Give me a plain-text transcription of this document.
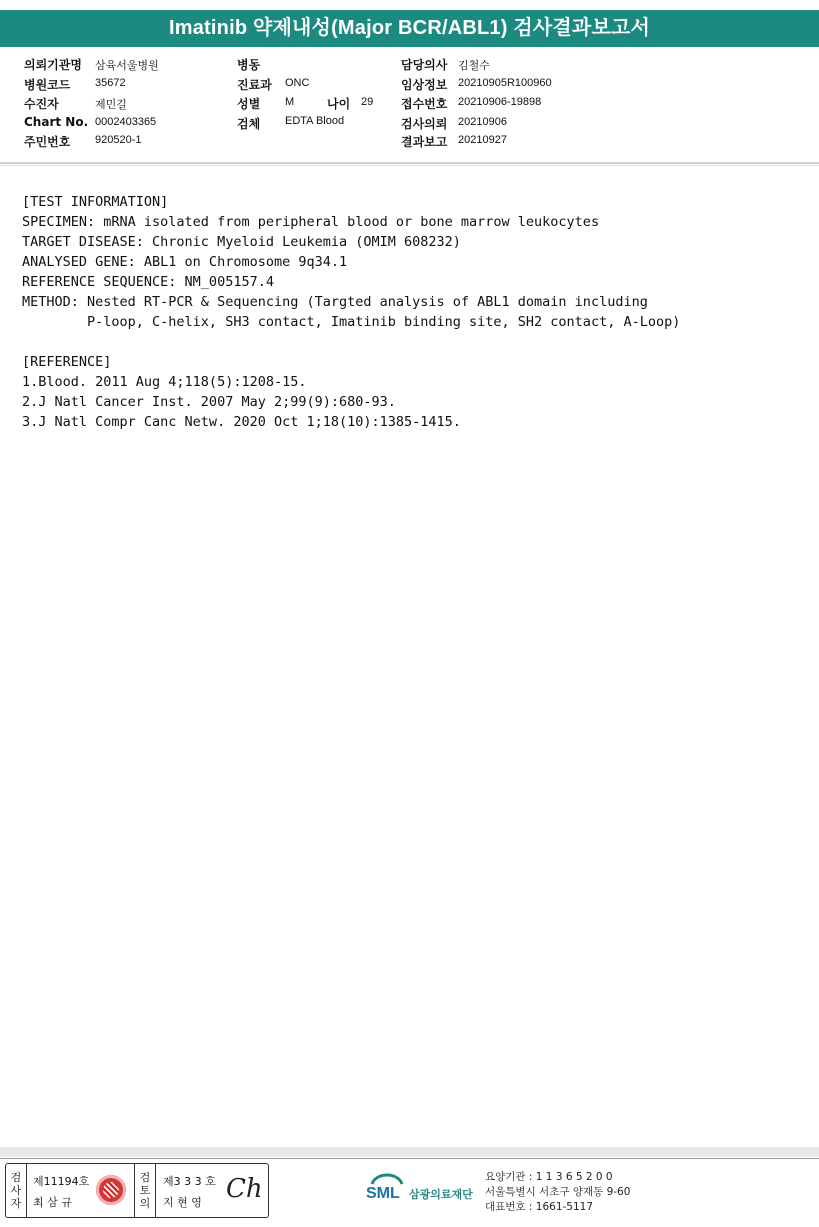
Imatinib 약제내성(Major BCR/ABL1) 검사결과보고서
의뢰기관명 삼육서울병원
병원코드 35672
수진자	제민길
Chart No. 0002403365
주민번호 920520-1
병동
진료과 ONC
성별 M	나이 29
검체 EDTA Blood
담당의사 김철수
임상정보 20210905R100960
접수번호 20210906-19898
검사의뢰 20210906
결과보고 20210927
[TEST INFORMATION]
SPECIMEN: mRNA isolated from peripheral blood or bone marrow leukocytes
TARGET DISEASE: Chronic Myeloid Leukemia (OMIM 608232)
ANALYSED GENE: ABL1 on Chromosome 9q34.1
REFERENCE SEQUENCE: NM_005157.4
METHOD: Nested RT-PCR & Sequencing (Targted analysis of ABL1 domain including
P-loop, C-helix, SH3 contact, Imatinib binding site, SH2 contact, A-Loop)
[REFERENCE]
1.Blood. 2011 Aug 4;118(5):1208-15.
2.J Natl Cancer Inst. 2007 May 2;99(9):680-93.
3.J Natl Compr Canc Netw. 2020 Oct 1;18(10):1385-1415.
검
사
자
제11194호
최 삼 규
검
토
의
제3 3 3 호
지 현 영 Ch	SML 삼광의료재단
요양기관 : 1 1 3 6 5 2 0 0
서울특별시 서초구 양재동 9-60
대표번호 : 1661-5117
